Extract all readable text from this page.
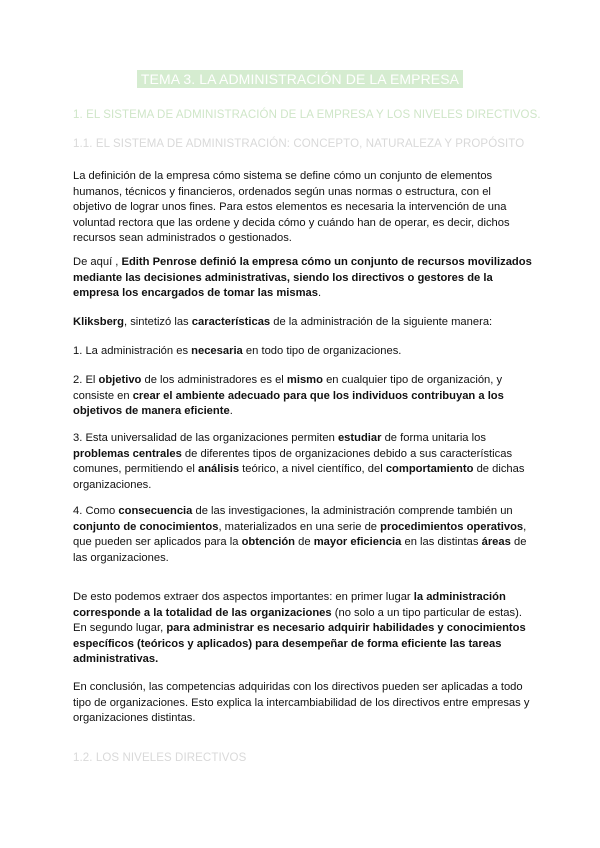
TEMA 3. LA ADMINISTRACIÓN DE LA EMPRESA
1. EL SISTEMA DE ADMINISTRACIÓN DE LA EMPRESA Y LOS NIVELES DIRECTIVOS.
1.1. EL SISTEMA DE ADMINISTRACIÓN: CONCEPTO, NATURALEZA Y PROPÓSITO
La definición de la empresa cómo sistema se define cómo un conjunto de elementos
humanos, técnicos y financieros, ordenados según unas normas o estructura, con el
objetivo de lograr unos fines. Para estos elementos es necesaria la intervención de una
voluntad rectora que las ordene y decida cómo y cuándo han de operar, es decir, dichos
recursos sean administrados o gestionados.
De aquí , Edith Penrose definió la empresa cómo un conjunto de recursos movilizados
mediante las decisiones administrativas, siendo los directivos o gestores de la
empresa los encargados de tomar las mismas.
Kliksberg, sintetizó las características de la administración de la siguiente manera:
1. La administración es necesaria en todo tipo de organizaciones.
2. El objetivo de los administradores es el mismo en cualquier tipo de organización, y
consiste en crear el ambiente adecuado para que los individuos contribuyan a los
objetivos de manera eficiente.
3. Esta universalidad de las organizaciones permiten estudiar de forma unitaria los
problemas centrales de diferentes tipos de organizaciones debido a sus características
comunes, permitiendo el análisis teórico, a nivel científico, del comportamiento de dichas
organizaciones.
4. Como consecuencia de las investigaciones, la administración comprende también un
conjunto de conocimientos, materializados en una serie de procedimientos operativos,
que pueden ser aplicados para la obtención de mayor eficiencia en las distintas áreas de
las organizaciones.
De esto podemos extraer dos aspectos importantes: en primer lugar la administración
corresponde a la totalidad de las organizaciones (no solo a un tipo particular de estas).
En segundo lugar, para administrar es necesario adquirir habilidades y conocimientos
específicos (teóricos y aplicados) para desempeñar de forma eficiente las tareas
administrativas.
En conclusión, las competencias adquiridas con los directivos pueden ser aplicadas a todo
tipo de organizaciones. Esto explica la intercambiabilidad de los directivos entre empresas y
organizaciones distintas.
1.2. LOS NIVELES DIRECTIVOS
